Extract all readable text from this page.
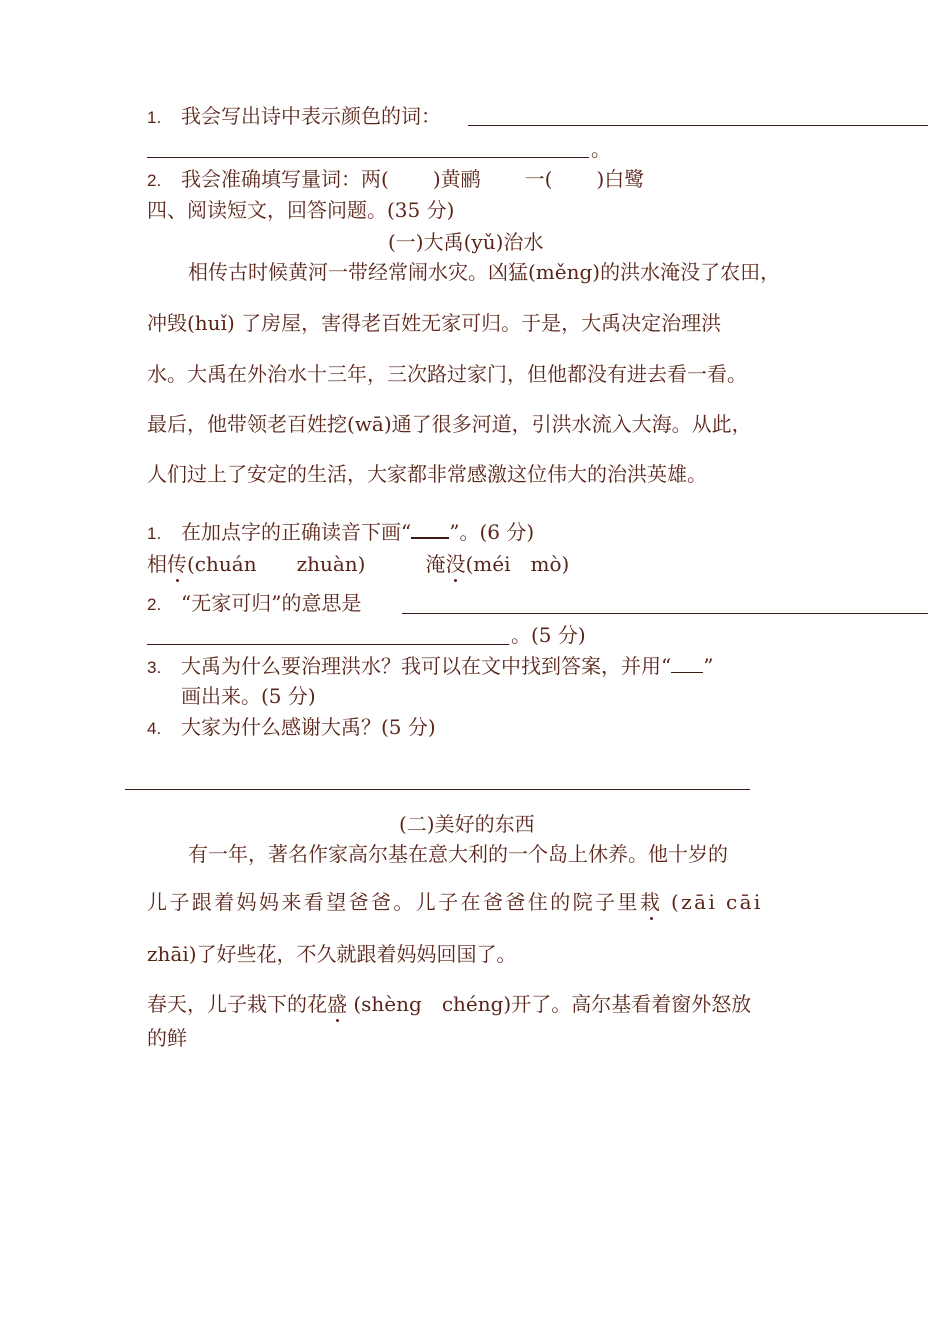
1. 我会写出诗中表示颜色的词：
。
2. 我会准确填写量词：两( )黄鹂 一( )白鹭
四、阅读短文，回答问题。(35 分)
(一)大禹(yǔ)治水
相传古时候黄河一带经常闹水灾。凶猛(měng)的洪水淹没了农田，
冲毁(huǐ) 了房屋，害得老百姓无家可归。于是，大禹决定治理洪
水。大禹在外治水十三年，三次路过家门，但他都没有进去看一看。
最后，他带领老百姓挖(wā)通了很多河道，引洪水流入大海。从此，
人们过上了安定的生活，大家都非常感激这位伟大的治洪英雄。
1. 在加点字的正确读音下画“ ”。(6 分)
相传(chuán　　zhuàn)	淹没(méi　mò)
2. “无家可归”的意思是
。(5 分)
3. 大禹为什么要治理洪水？我可以在文中找到答案，并用“ ”
画出来。(5 分)
4. 大家为什么感谢大禹？(5 分)
(二)美好的东西
有一年，著名作家高尔基在意大利的一个岛上休养。他十岁的
儿子跟着妈妈来看望爸爸。儿子在爸爸住的院子里栽 (zāi cāi
zhāi)了好些花，不久就跟着妈妈回国了。
春天，儿子栽下的花盛 (shèng　chéng)开了。高尔基看着窗外怒放
的鲜
